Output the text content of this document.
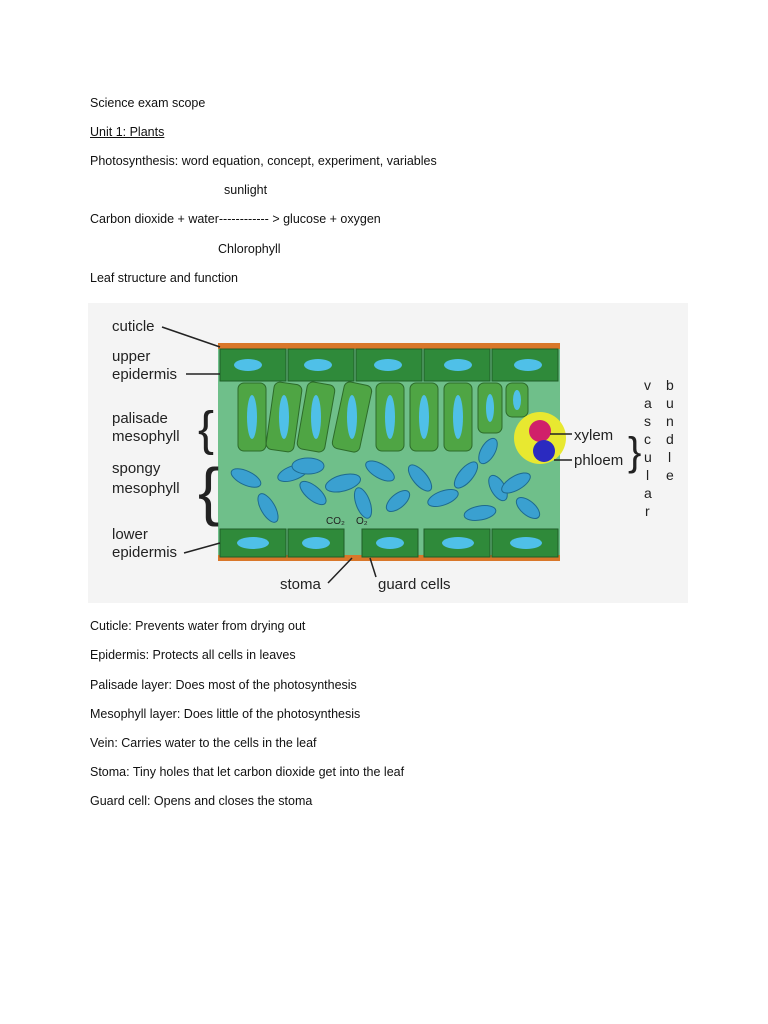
Science exam scope
Unit 1: Plants
Photosynthesis: word equation, concept, experiment, variables
sunlight
Carbon dioxide + water------------ > glucose + oxygen
Chlorophyll
Leaf structure and function
CO₂ O₂
cuticle
upper
epidermis
palisade
mesophyll {
spongy
mesophyll {
lower
epidermis
stoma	guard cells
xylem
phloem }
v
a
s
c
u
l
a
r
b
u
n
d
l
e
Cuticle: Prevents water from drying out
Epidermis: Protects all cells in leaves
Palisade layer: Does most of the photosynthesis
Mesophyll layer: Does little of the photosynthesis
Vein: Carries water to the cells in the leaf
Stoma: Tiny holes that let carbon dioxide get into the leaf
Guard cell: Opens and closes the stoma
